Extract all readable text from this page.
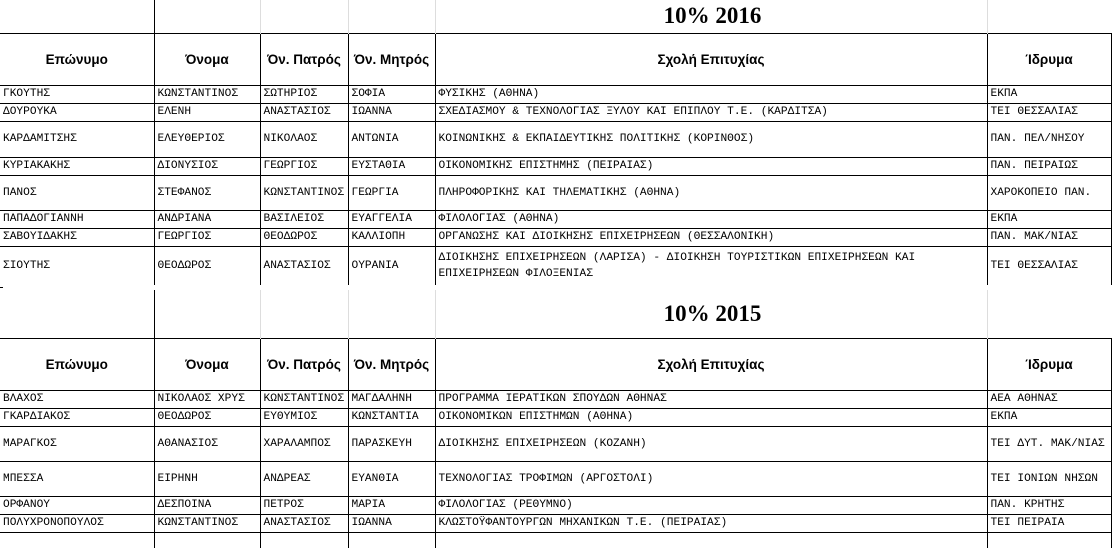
				10% 2016	
Επώνυμο	Όνομα	Όν. Πατρός	Όν. Μητρός	Σχολή Επιτυχίας	Ίδρυμα
ΓΚΟΥΤΗΣ	ΚΩΝΣΤΑΝΤΙΝΟΣ	ΣΩΤΗΡΙΟΣ	ΣΟΦΙΑ	ΦΥΣΙΚΗΣ (ΑΘΗΝΑ)	ΕΚΠΑ
ΔΟΥΡΟΥΚΑ	ΕΛΕΝΗ	ΑΝΑΣΤΑΣΙΟΣ	ΙΩΑΝΝΑ	ΣΧΕΔΙΑΣΜΟΥ & ΤΕΧΝΟΛΟΓΙΑΣ ΞΥΛΟΥ ΚΑΙ ΕΠΙΠΛΟΥ Τ.Ε. (ΚΑΡΔΙΤΣΑ)	ΤΕΙ ΘΕΣΣΑΛΙΑΣ
ΚΑΡΔΑΜΙΤΣΗΣ	ΕΛΕΥΘΕΡΙΟΣ	ΝΙΚΟΛΑΟΣ	ΑΝΤΩΝΙΑ	ΚΟΙΝΩΝΙΚΗΣ & ΕΚΠΑΙΔΕΥΤΙΚΗΣ ΠΟΛΙΤΙΚΗΣ (ΚΟΡΙΝΘΟΣ)	ΠΑΝ. ΠΕΛ/ΝΗΣΟΥ
ΚΥΡΙΑΚΑΚΗΣ	ΔΙΟΝΥΣΙΟΣ	ΓΕΩΡΓΙΟΣ	ΕΥΣΤΑΘΙΑ	ΟΙΚΟΝΟΜΙΚΗΣ ΕΠΙΣΤΗΜΗΣ (ΠΕΙΡΑΙΑΣ)	ΠΑΝ. ΠΕΙΡΑΙΩΣ
ΠΑΝΟΣ	ΣΤΕΦΑΝΟΣ	ΚΩΝΣΤΑΝΤΙΝΟΣ	ΓΕΩΡΓΙΑ	ΠΛΗΡΟΦΟΡΙΚΗΣ ΚΑΙ ΤΗΛΕΜΑΤΙΚΗΣ (ΑΘΗΝΑ)	ΧΑΡΟΚΟΠΕΙΟ ΠΑΝ.
ΠΑΠΑΔΟΓΙΑΝΝΗ	ΑΝΔΡΙΑΝΑ	ΒΑΣΙΛΕΙΟΣ	ΕΥΑΓΓΕΛΙΑ	ΦΙΛΟΛΟΓΙΑΣ (ΑΘΗΝΑ)	ΕΚΠΑ
ΣΑΒΟΥΙΔΑΚΗΣ	ΓΕΩΡΓΙΟΣ	ΘΕΟΔΩΡΟΣ	ΚΑΛΛΙΟΠΗ	ΟΡΓΑΝΩΣΗΣ ΚΑΙ ΔΙΟΙΚΗΣΗΣ ΕΠΙΧΕΙΡΗΣΕΩΝ (ΘΕΣΣΑΛΟΝΙΚΗ)	ΠΑΝ. ΜΑΚ/ΝΙΑΣ
ΣΙΟΥΤΗΣ	ΘΕΟΔΩΡΟΣ	ΑΝΑΣΤΑΣΙΟΣ	ΟΥΡΑΝΙΑ	ΔΙΟΙΚΗΣΗΣ ΕΠΙΧΕΙΡΗΣΕΩΝ (ΛΑΡΙΣΑ) - ΔΙΟΙΚΗΣΗ ΤΟΥΡΙΣΤΙΚΩΝ ΕΠΙΧΕΙΡΗΣΕΩΝ ΚΑΙ ΕΠΙΧΕΙΡΗΣΕΩΝ ΦΙΛΟΞΕΝΙΑΣ	ΤΕΙ ΘΕΣΣΑΛΙΑΣ
				10% 2015	
Επώνυμο	Όνομα	Όν. Πατρός	Όν. Μητρός	Σχολή Επιτυχίας	Ίδρυμα
ΒΛΑΧΟΣ	ΝΙΚΟΛΑΟΣ ΧΡΥΣ	ΚΩΝΣΤΑΝΤΙΝΟΣ	ΜΑΓΔΑΛΗΝΗ	ΠΡΟΓΡΑΜΜΑ ΙΕΡΑΤΙΚΩΝ ΣΠΟΥΔΩΝ ΑΘΗΝΑΣ	ΑΕΑ ΑΘΗΝΑΣ
ΓΚΑΡΔΙΑΚΟΣ	ΘΕΟΔΩΡΟΣ	ΕΥΘΥΜΙΟΣ	ΚΩΝΣΤΑΝΤΙΑ	ΟΙΚΟΝΟΜΙΚΩΝ ΕΠΙΣΤΗΜΩΝ (ΑΘΗΝΑ)	ΕΚΠΑ
ΜΑΡΑΓΚΟΣ	ΑΘΑΝΑΣΙΟΣ	ΧΑΡΑΛΑΜΠΟΣ	ΠΑΡΑΣΚΕΥΗ	ΔΙΟΙΚΗΣΗΣ ΕΠΙΧΕΙΡΗΣΕΩΝ (ΚΟΖΑΝΗ)	ΤΕΙ ΔΥΤ. ΜΑΚ/ΝΙΑΣ
ΜΠΕΣΣΑ	ΕΙΡΗΝΗ	ΑΝΔΡΕΑΣ	ΕΥΑΝΘΙΑ	ΤΕΧΝΟΛΟΓΙΑΣ ΤΡΟΦΙΜΩΝ (ΑΡΓΟΣΤΟΛΙ)	ΤΕΙ ΙΟΝΙΩΝ ΝΗΣΩΝ
ΟΡΦΑΝΟΥ	ΔΕΣΠΟΙΝΑ	ΠΕΤΡΟΣ	ΜΑΡΙΑ	ΦΙΛΟΛΟΓΙΑΣ (ΡΕΘΥΜΝΟ)	ΠΑΝ. ΚΡΗΤΗΣ
ΠΟΛΥΧΡΟΝΟΠΟΥΛΟΣ	ΚΩΝΣΤΑΝΤΙΝΟΣ	ΑΝΑΣΤΑΣΙΟΣ	ΙΩΑΝΝΑ	ΚΛΩΣΤΟΫΦΑΝΤΟΥΡΓΩΝ ΜΗΧΑΝΙΚΩΝ Τ.Ε. (ΠΕΙΡΑΙΑΣ)	ΤΕΙ ΠΕΙΡΑΙΑ
